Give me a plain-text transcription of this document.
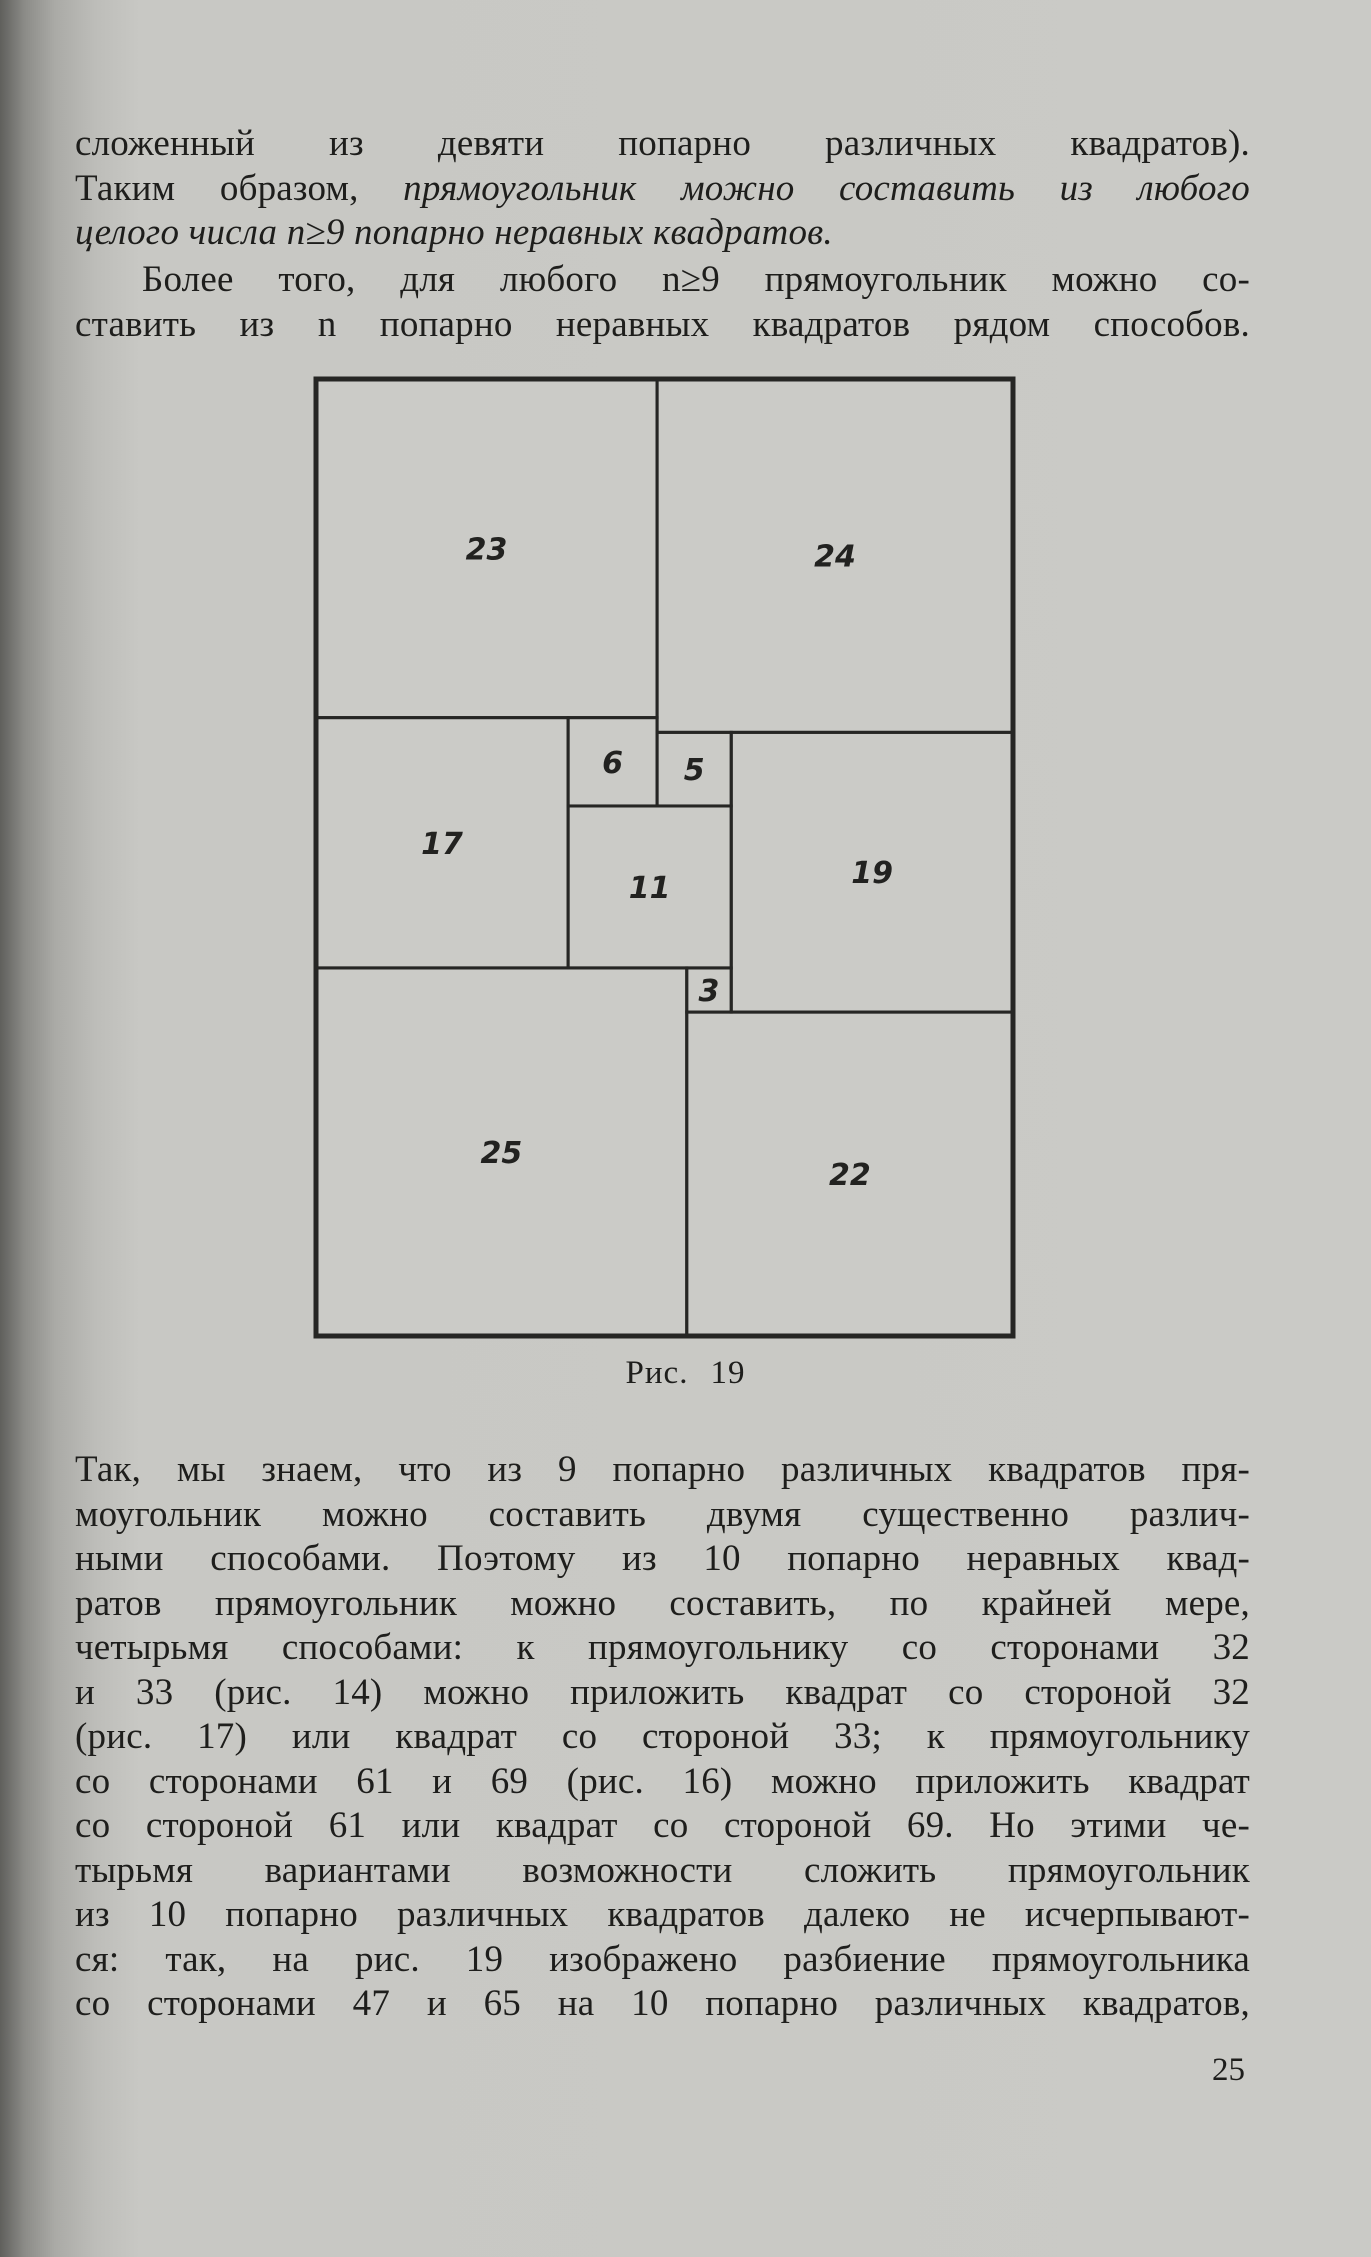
сложенный из девяти попарно различных квадратов).
Таким образом, прямоугольник можно составить из любого
целого числа n≥9 попарно неравных квадратов.

Более того, для любого n≥9 прямоугольник можно со-
ставить из n попарно неравных квадратов рядом способов.

23	24
17
6 5
11	19
3
25
22
Рис. 19

Так, мы знаем, что из 9 попарно различных квадратов пря-
моугольник можно составить двумя существенно различ-
ными способами. Поэтому из 10 попарно неравных квад-
ратов прямоугольник можно составить, по крайней мере,
четырьмя способами: к прямоугольнику со сторонами 32
и 33 (рис. 14) можно приложить квадрат со стороной 32
(рис. 17) или квадрат со стороной 33; к прямоугольнику
со сторонами 61 и 69 (рис. 16) можно приложить квадрат
со стороной 61 или квадрат со стороной 69. Но этими че-
тырьмя вариантами возможности сложить прямоугольник
из 10 попарно различных квадратов далеко не исчерпывают-
ся: так, на рис. 19 изображено разбиение прямоугольника
со сторонами 47 и 65 на 10 попарно различных квадратов,

25
